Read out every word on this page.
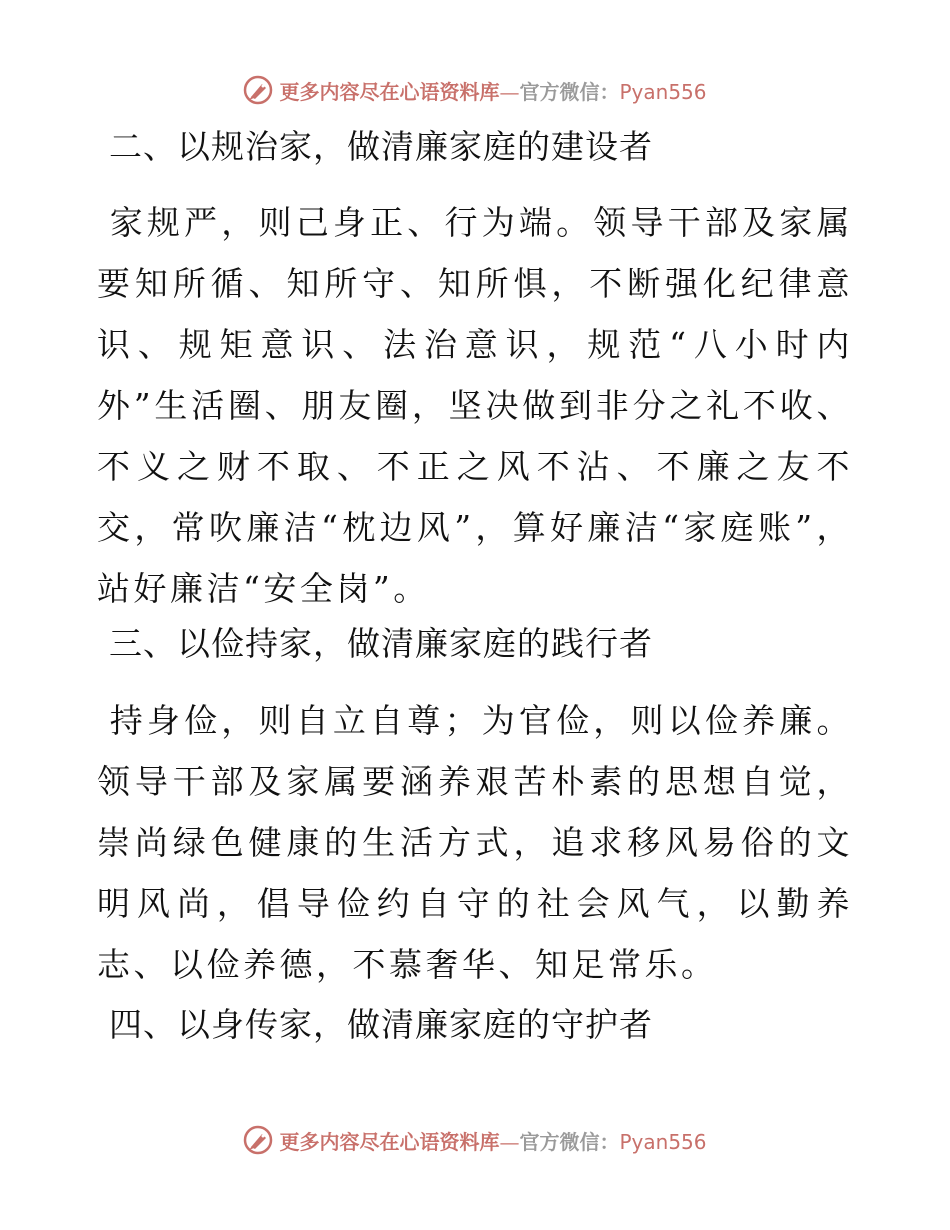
更多内容尽在心语资料库—官方微信：Pyan556

二、以规治家，做清廉家庭的建设者

家规严，则己身正、行为端。领导干部及家属要知所循、知所守、知所惧，不断强化纪律意识、规矩意识、法治意识，规范“八小时内外”生活圈、朋友圈，坚决做到非分之礼不收、不义之财不取、不正之风不沾、不廉之友不交，常吹廉洁“枕边风”，算好廉洁“家庭账”，站好廉洁“安全岗”。

三、以俭持家，做清廉家庭的践行者

持身俭，则自立自尊；为官俭，则以俭养廉。领导干部及家属要涵养艰苦朴素的思想自觉，崇尚绿色健康的生活方式，追求移风易俗的文明风尚，倡导俭约自守的社会风气，以勤养志、以俭养德，不慕奢华、知足常乐。

四、以身传家，做清廉家庭的守护者

更多内容尽在心语资料库—官方微信：Pyan556
